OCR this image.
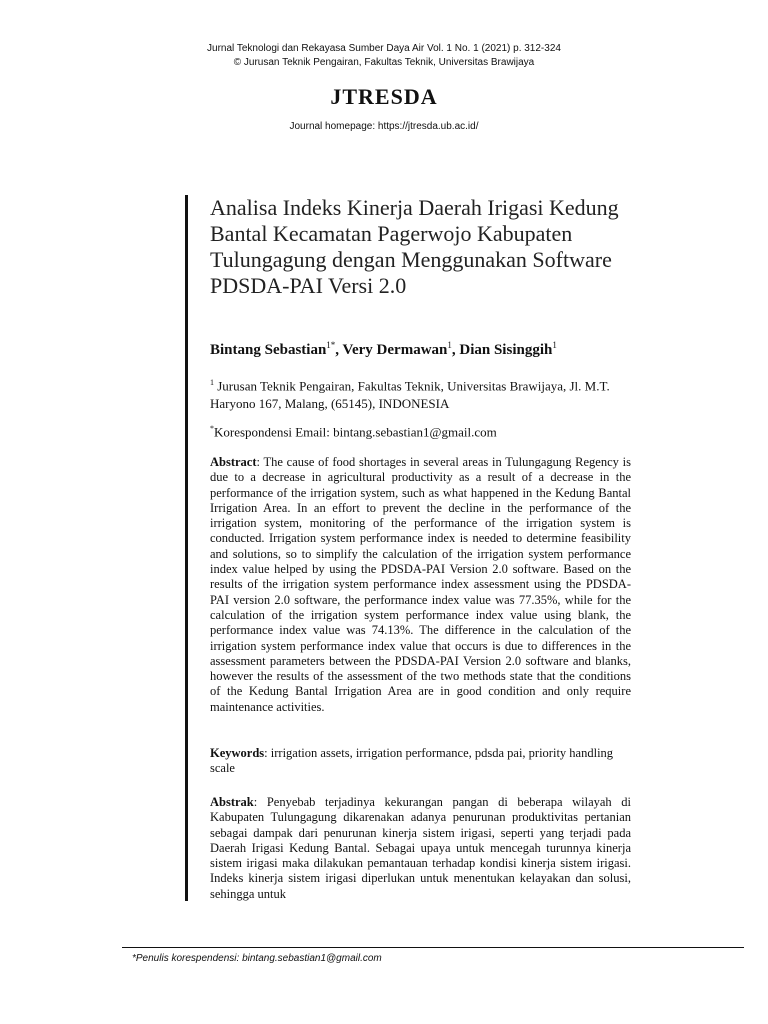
Jurnal Teknologi dan Rekayasa Sumber Daya Air Vol. 1 No. 1 (2021) p. 312-324
© Jurusan Teknik Pengairan, Fakultas Teknik, Universitas Brawijaya
JTRESDA
Journal homepage: https://jtresda.ub.ac.id/
Analisa Indeks Kinerja Daerah Irigasi Kedung Bantal Kecamatan Pagerwojo Kabupaten Tulungagung dengan Menggunakan Software PDSDA-PAI Versi 2.0
Bintang Sebastian$^{1*}$, Very Dermawan$^1$, Dian Sisinggih$^1$
$^1$ Jurusan Teknik Pengairan, Fakultas Teknik, Universitas Brawijaya, Jl. M.T. Haryono 167, Malang, (65145), INDONESIA
*Korespondensi Email: bintang.sebastian1@gmail.com
Abstract: The cause of food shortages in several areas in Tulungagung Regency is due to a decrease in agricultural productivity as a result of a decrease in the performance of the irrigation system, such as what happened in the Kedung Bantal Irrigation Area. In an effort to prevent the decline in the performance of the irrigation system, monitoring of the performance of the irrigation system is conducted. Irrigation system performance index is needed to determine feasibility and solutions, so to simplify the calculation of the irrigation system performance index value helped by using the PDSDA-PAI Version 2.0 software. Based on the results of the irrigation system performance index assessment using the PDSDA-PAI version 2.0 software, the performance index value was 77.35%, while for the calculation of the irrigation system performance index value using blank, the performance index value was 74.13%. The difference in the calculation of the irrigation system performance index value that occurs is due to differences in the assessment parameters between the PDSDA-PAI Version 2.0 software and blanks, however the results of the assessment of the two methods state that the conditions of the Kedung Bantal Irrigation Area are in good condition and only require maintenance activities.
Keywords: irrigation assets, irrigation performance, pdsda pai, priority handling scale
Abstrak: Penyebab terjadinya kekurangan pangan di beberapa wilayah di Kabupaten Tulungagung dikarenakan adanya penurunan produktivitas pertanian sebagai dampak dari penurunan kinerja sistem irigasi, seperti yang terjadi pada Daerah Irigasi Kedung Bantal. Sebagai upaya untuk mencegah turunnya kinerja sistem irigasi maka dilakukan pemantauan terhadap kondisi kinerja sistem irigasi. Indeks kinerja sistem irigasi diperlukan untuk menentukan kelayakan dan solusi, sehingga untuk
*Penulis korespendensi: bintang.sebastian1@gmail.com
